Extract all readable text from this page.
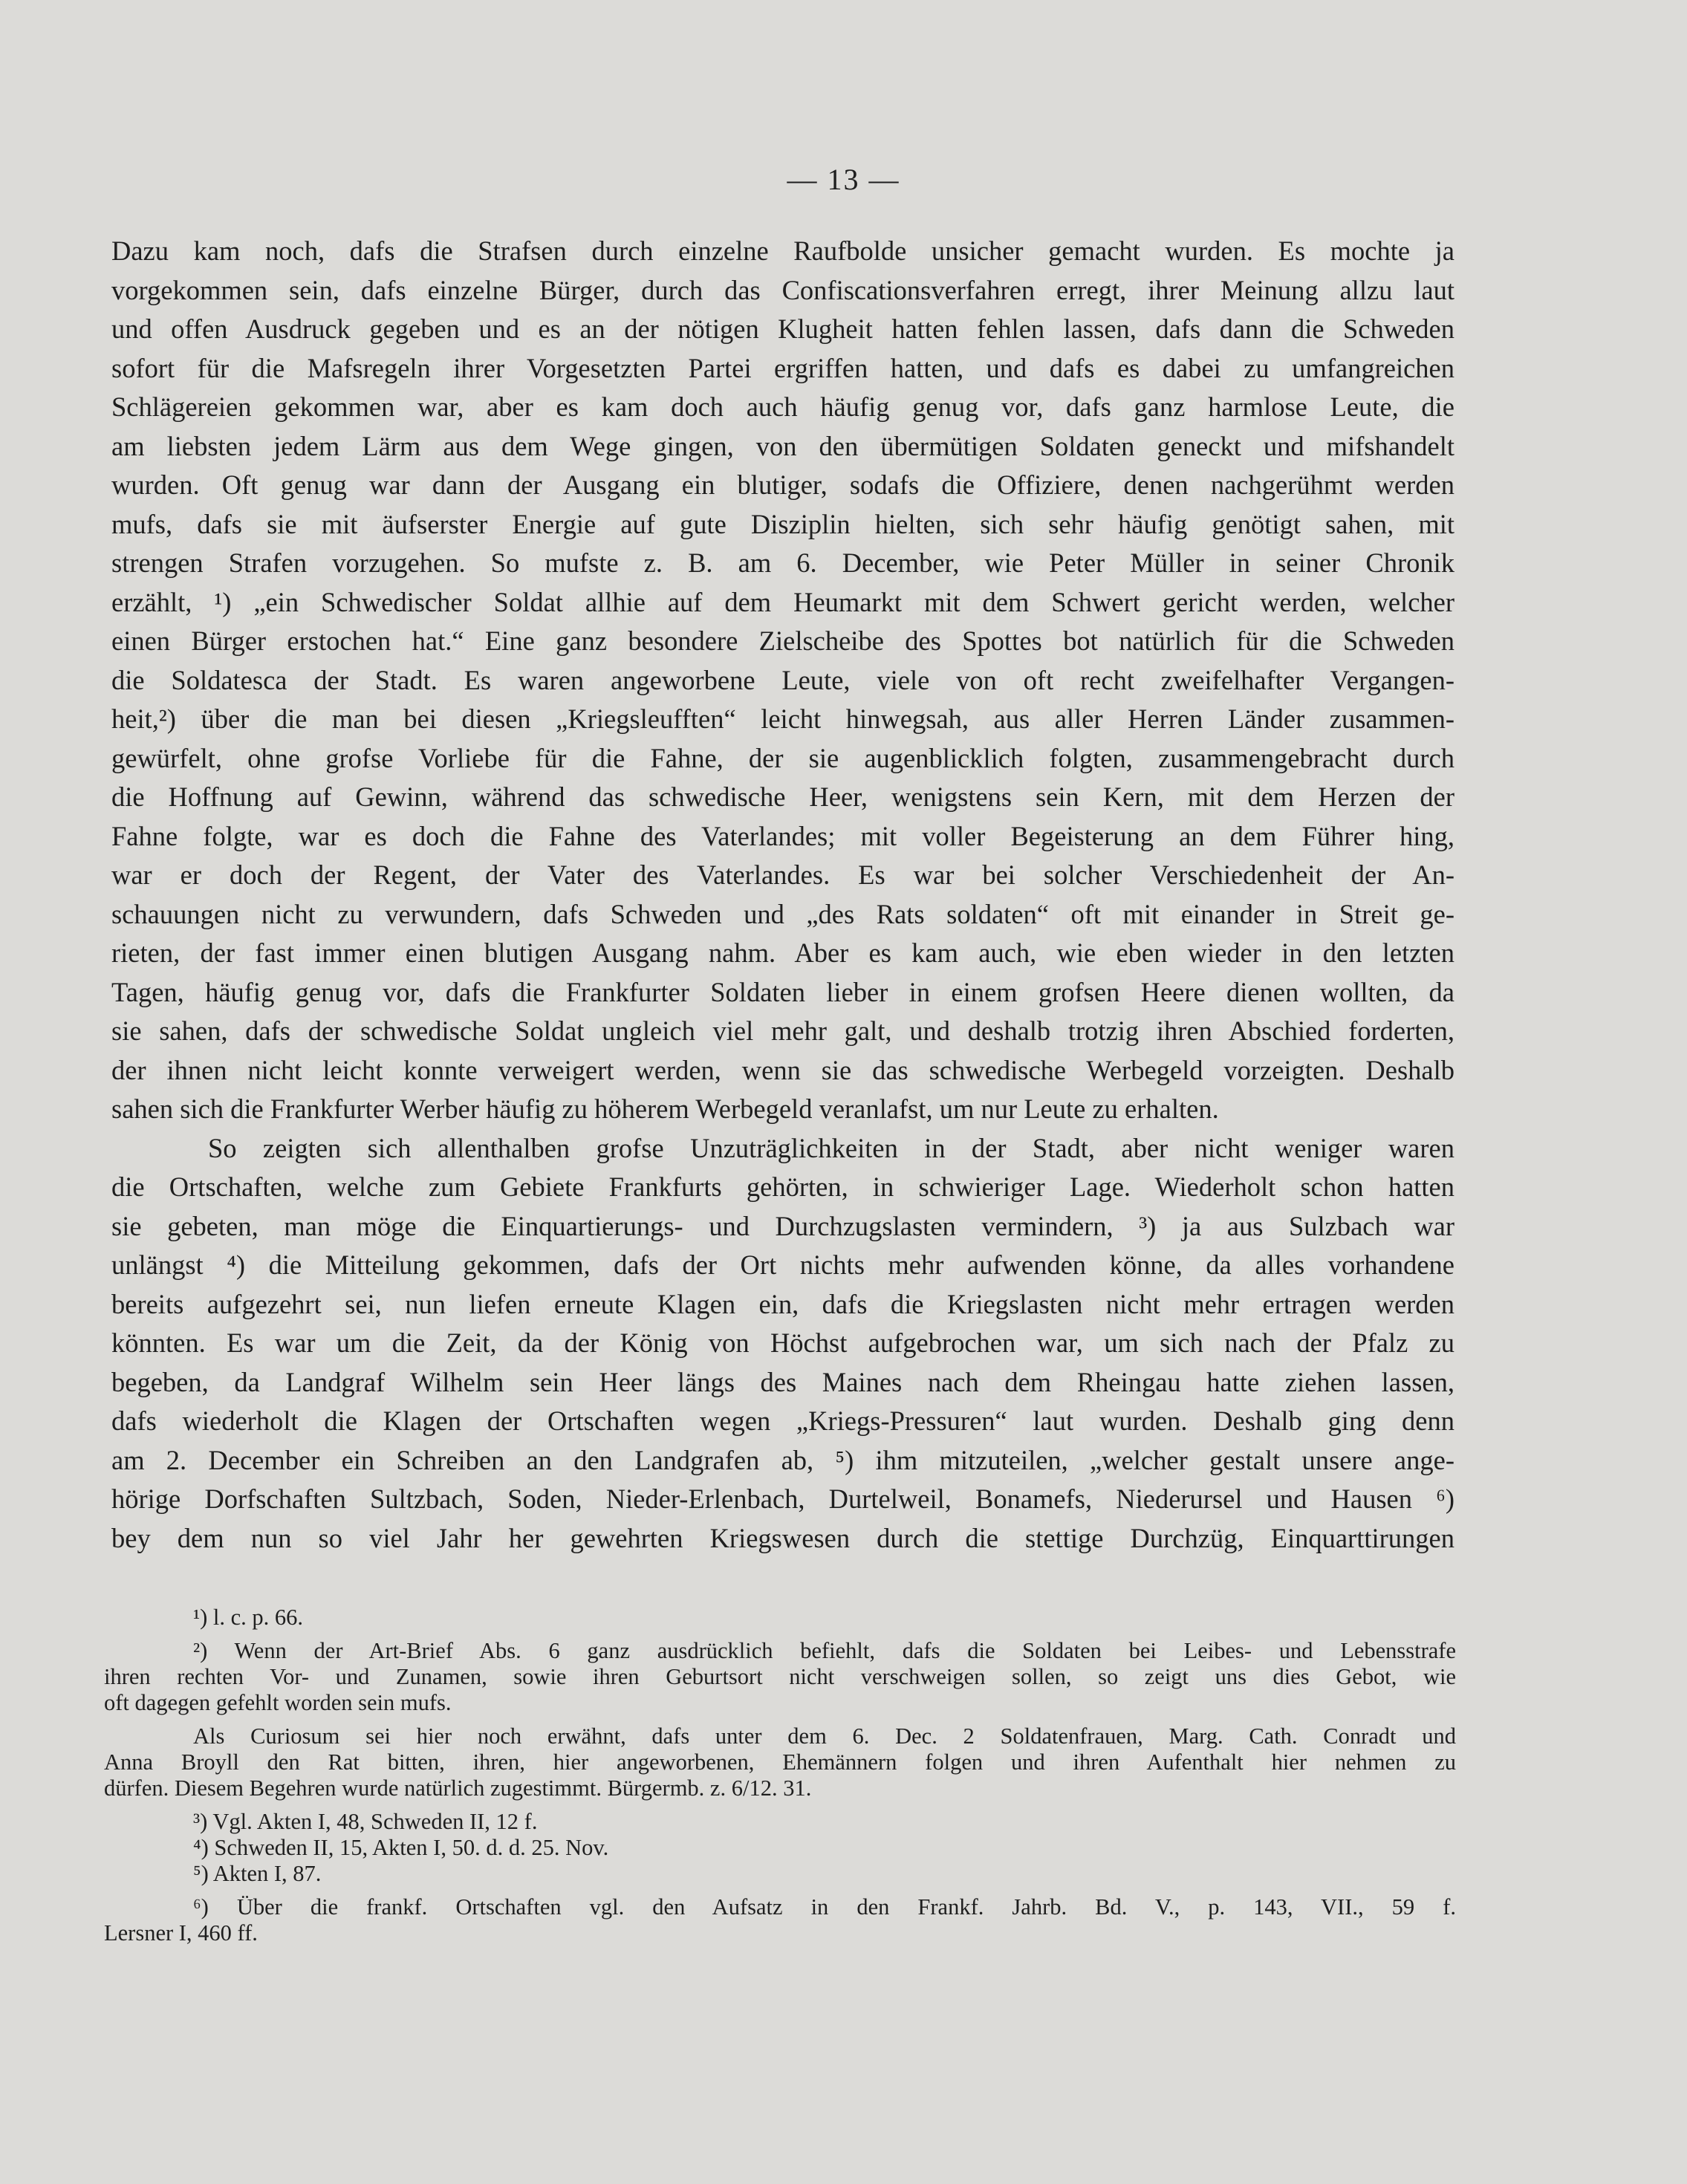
— 13 —
Dazu kam noch, dafs die Strafsen durch einzelne Raufbolde unsicher gemacht wurden. Es mochte ja
vorgekommen sein, dafs einzelne Bürger, durch das Confiscationsverfahren erregt, ihrer Meinung allzu laut
und offen Ausdruck gegeben und es an der nötigen Klugheit hatten fehlen lassen, dafs dann die Schweden
sofort für die Mafsregeln ihrer Vorgesetzten Partei ergriffen hatten, und dafs es dabei zu umfangreichen
Schlägereien gekommen war, aber es kam doch auch häufig genug vor, dafs ganz harmlose Leute, die
am liebsten jedem Lärm aus dem Wege gingen, von den übermütigen Soldaten geneckt und mifshandelt
wurden. Oft genug war dann der Ausgang ein blutiger, sodafs die Offiziere, denen nachgerühmt werden
mufs, dafs sie mit äufserster Energie auf gute Disziplin hielten, sich sehr häufig genötigt sahen, mit
strengen Strafen vorzugehen. So mufste z. B. am 6. December, wie Peter Müller in seiner Chronik
erzählt, ¹) „ein Schwedischer Soldat allhie auf dem Heumarkt mit dem Schwert gericht werden, welcher
einen Bürger erstochen hat.“ Eine ganz besondere Zielscheibe des Spottes bot natürlich für die Schweden
die Soldatesca der Stadt. Es waren angeworbene Leute, viele von oft recht zweifelhafter Vergangen-
heit,²) über die man bei diesen „Kriegsleufften“ leicht hinwegsah, aus aller Herren Länder zusammen-
gewürfelt, ohne grofse Vorliebe für die Fahne, der sie augenblicklich folgten, zusammengebracht durch
die Hoffnung auf Gewinn, während das schwedische Heer, wenigstens sein Kern, mit dem Herzen der
Fahne folgte, war es doch die Fahne des Vaterlandes; mit voller Begeisterung an dem Führer hing,
war er doch der Regent, der Vater des Vaterlandes. Es war bei solcher Verschiedenheit der An-
schauungen nicht zu verwundern, dafs Schweden und „des Rats soldaten“ oft mit einander in Streit ge-
rieten, der fast immer einen blutigen Ausgang nahm. Aber es kam auch, wie eben wieder in den letzten
Tagen, häufig genug vor, dafs die Frankfurter Soldaten lieber in einem grofsen Heere dienen wollten, da
sie sahen, dafs der schwedische Soldat ungleich viel mehr galt, und deshalb trotzig ihren Abschied forderten,
der ihnen nicht leicht konnte verweigert werden, wenn sie das schwedische Werbegeld vorzeigten. Deshalb
sahen sich die Frankfurter Werber häufig zu höherem Werbegeld veranlafst, um nur Leute zu erhalten.
So zeigten sich allenthalben grofse Unzuträglichkeiten in der Stadt, aber nicht weniger waren
die Ortschaften, welche zum Gebiete Frankfurts gehörten, in schwieriger Lage. Wiederholt schon hatten
sie gebeten, man möge die Einquartierungs- und Durchzugslasten vermindern, ³) ja aus Sulzbach war
unlängst ⁴) die Mitteilung gekommen, dafs der Ort nichts mehr aufwenden könne, da alles vorhandene
bereits aufgezehrt sei, nun liefen erneute Klagen ein, dafs die Kriegslasten nicht mehr ertragen werden
könnten. Es war um die Zeit, da der König von Höchst aufgebrochen war, um sich nach der Pfalz zu
begeben, da Landgraf Wilhelm sein Heer längs des Maines nach dem Rheingau hatte ziehen lassen,
dafs wiederholt die Klagen der Ortschaften wegen „Kriegs-Pressuren“ laut wurden. Deshalb ging denn
am 2. December ein Schreiben an den Landgrafen ab, ⁵) ihm mitzuteilen, „welcher gestalt unsere ange-
hörige Dorfschaften Sultzbach, Soden, Nieder-Erlenbach, Durtelweil, Bonamefs, Niederursel und Hausen ⁶)
bey dem nun so viel Jahr her gewehrten Kriegswesen durch die stettige Durchzüg, Einquarttirungen
¹) l. c. p. 66.
²) Wenn der Art-Brief Abs. 6 ganz ausdrücklich befiehlt, dafs die Soldaten bei Leibes- und Lebensstrafe
ihren rechten Vor- und Zunamen, sowie ihren Geburtsort nicht verschweigen sollen, so zeigt uns dies Gebot, wie
oft dagegen gefehlt worden sein mufs.
Als Curiosum sei hier noch erwähnt, dafs unter dem 6. Dec. 2 Soldatenfrauen, Marg. Cath. Conradt und
Anna Broyll den Rat bitten, ihren, hier angeworbenen, Ehemännern folgen und ihren Aufenthalt hier nehmen zu
dürfen. Diesem Begehren wurde natürlich zugestimmt. Bürgermb. z. 6/12. 31.
³) Vgl. Akten I, 48, Schweden II, 12 f.
⁴) Schweden II, 15, Akten I, 50. d. d. 25. Nov.
⁵) Akten I, 87.
⁶) Über die frankf. Ortschaften vgl. den Aufsatz in den Frankf. Jahrb. Bd. V., p. 143, VII., 59 f.
Lersner I, 460 ff.
